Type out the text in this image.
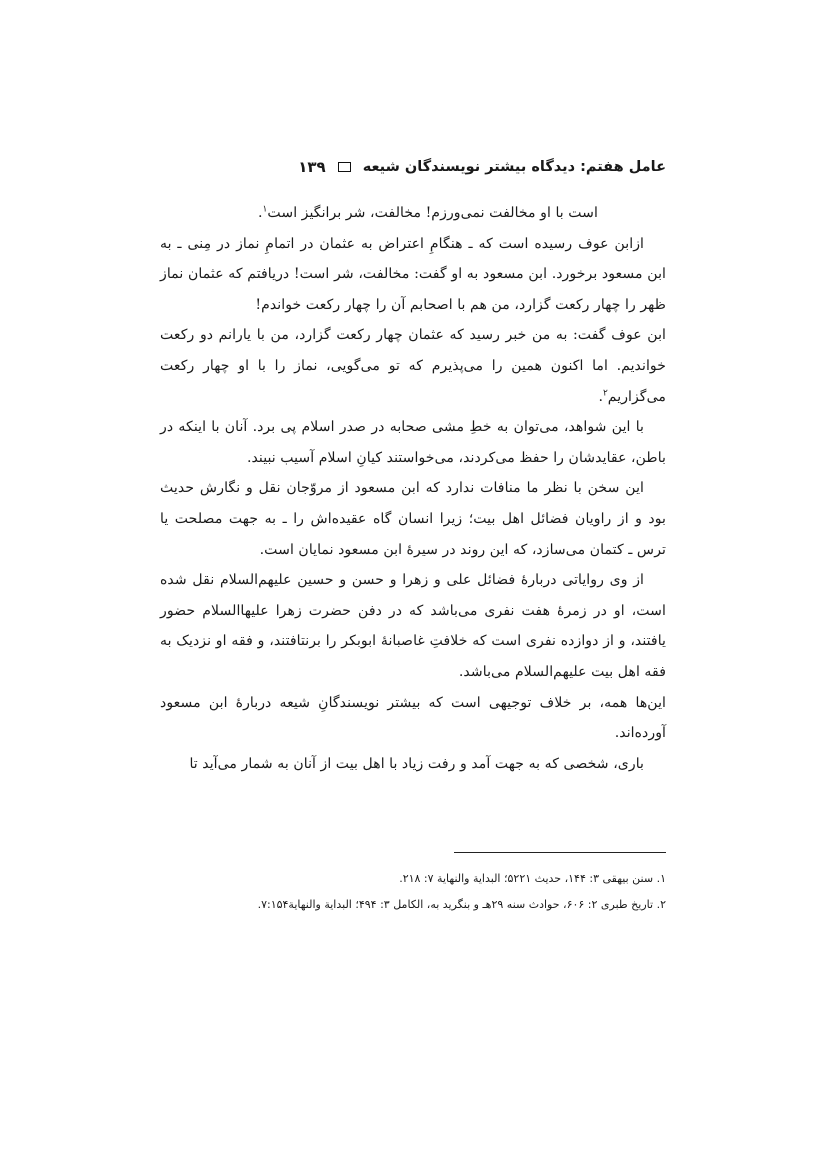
عامل هفتم: دیدگاه بیشتر نویسندگان شیعه
۱۳۹

است با او مخالفت نمی‌ورزم! مخالفت، شر برانگیز است$^۱$.

ازابن عوف رسیده است که ـ هنگامِ اعتراض به عثمان در اتمامِ نماز در مِنی ـ به ابن مسعود برخورد. ابن مسعود به او گفت: مخالفت، شر است! دریافتم که عثمان نماز ظهر را چهار رکعت گزارد، من هم با اصحابم آن را چهار رکعت خواندم!

ابن عوف گفت: به من خبر رسید که عثمان چهار رکعت گزارد، من با یارانم دو رکعت خواندیم. اما اکنون همین را می‌پذیرم که تو می‌گویی، نماز را با او چهار رکعت می‌گزاریم$^۲$.

با این شواهد، می‌توان به خطِ مشی صحابه در صدر اسلام پی برد. آنان با اینکه در باطن، عقایدشان را حفظ می‌کردند، می‌خواستند کیانِ اسلام آسیب نبیند.

این سخن با نظر ما منافات ندارد که ابن مسعود از مروّجان نقل و نگارش حدیث بود و از راویان فضائل اهل بیت؛ زیرا انسان گاه عقیده‌اش را ـ به جهت مصلحت یا ترس ـ کتمان می‌سازد، که این روند در سیرهٔ ابن مسعود نمایان است.

از وی روایاتی دربارهٔ فضائل علی و زهرا و حسن و حسین علیهم‌السلام نقل شده است، او در زمرهٔ هفت نفری می‌باشد که در دفن حضرت زهرا علیهاالسلام حضور یافتند، و از دوازده نفری است که خلافتِ غاصبانهٔ ابوبکر را برنتافتند، و فقه او نزدیک به فقه اهل بیت علیهم‌السلام می‌باشد.

این‌ها همه، بر خلاف توجیهی است که بیشتر نویسندگانِ شیعه دربارهٔ ابن مسعود آورده‌اند.

باری، شخصی که به جهت آمد و رفت زیاد با اهل بیت از آنان به شمار می‌آید تا

۱. سنن بیهقی ۳: ۱۴۴، حدیث ۵۲۲۱؛ البدایة والنهایة ۷: ۲۱۸.

۲. تاریخ طبری ۲: ۶۰۶، حوادث سنه ۲۹هـ و بنگرید به، الکامل ۳: ۴۹۴؛ البدایة والنهایة۷:۱۵۴.
